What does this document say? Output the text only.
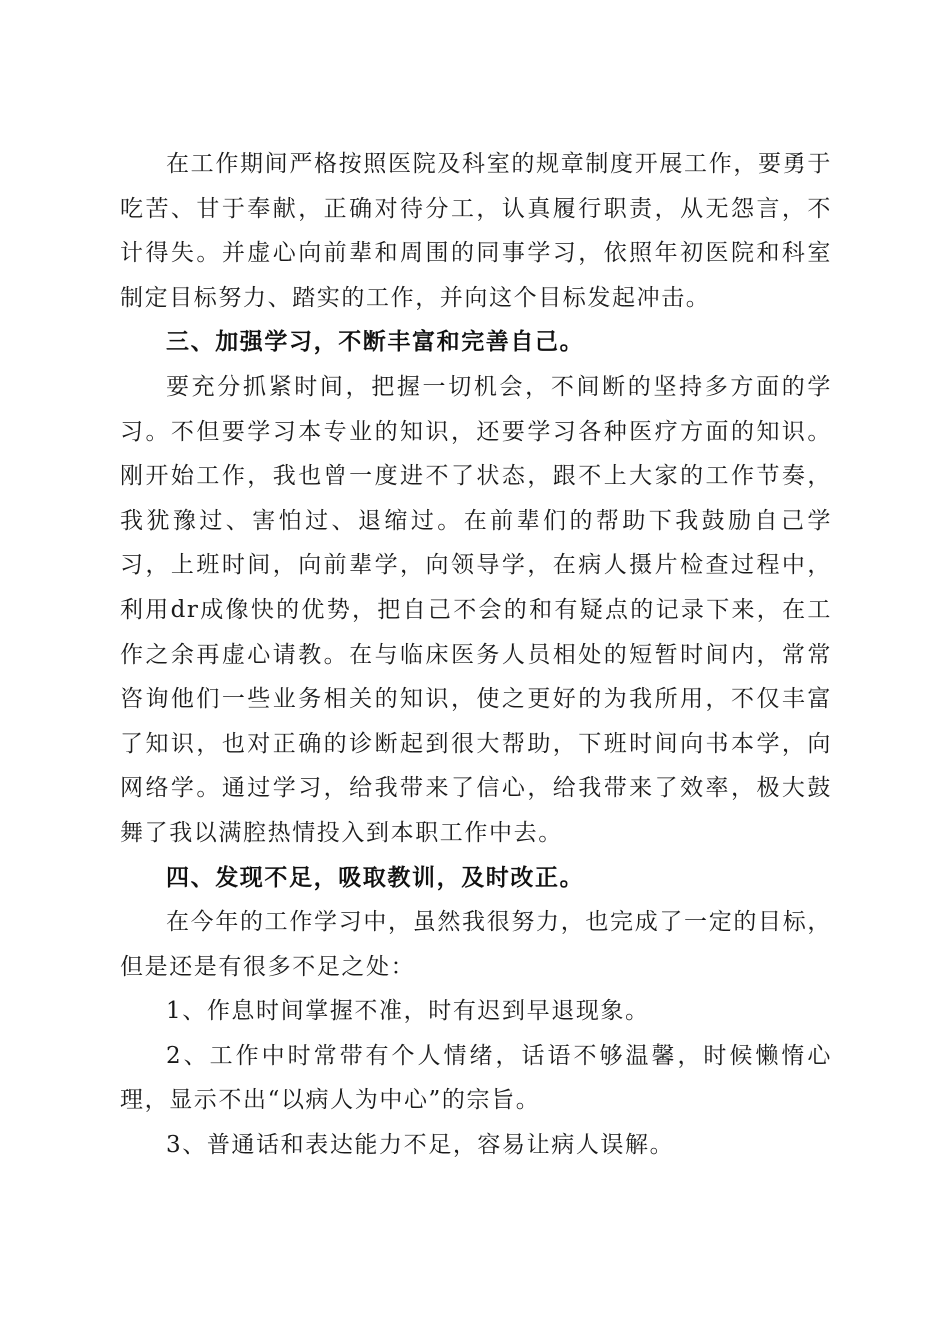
在工作期间严格按照医院及科室的规章制度开展工作，要勇于吃苦、甘于奉献，正确对待分工，认真履行职责，从无怨言，不计得失。并虚心向前辈和周围的同事学习，依照年初医院和科室制定目标努力、踏实的工作，并向这个目标发起冲击。

三、加强学习，不断丰富和完善自己。

要充分抓紧时间，把握一切机会，不间断的坚持多方面的学习。不但要学习本专业的知识，还要学习各种医疗方面的知识。刚开始工作，我也曾一度进不了状态，跟不上大家的工作节奏，我犹豫过、害怕过、退缩过。在前辈们的帮助下我鼓励自己学习，上班时间，向前辈学，向领导学，在病人摄片检查过程中，利用dr成像快的优势，把自己不会的和有疑点的记录下来，在工作之余再虚心请教。在与临床医务人员相处的短暂时间内，常常咨询他们一些业务相关的知识，使之更好的为我所用，不仅丰富了知识，也对正确的诊断起到很大帮助，下班时间向书本学，向网络学。通过学习，给我带来了信心，给我带来了效率，极大鼓舞了我以满腔热情投入到本职工作中去。

四、发现不足，吸取教训，及时改正。

在今年的工作学习中，虽然我很努力，也完成了一定的目标，但是还是有很多不足之处：

1、作息时间掌握不准，时有迟到早退现象。

2、工作中时常带有个人情绪，话语不够温馨，时候懒惰心理，显示不出“以病人为中心”的宗旨。

3、普通话和表达能力不足，容易让病人误解。
